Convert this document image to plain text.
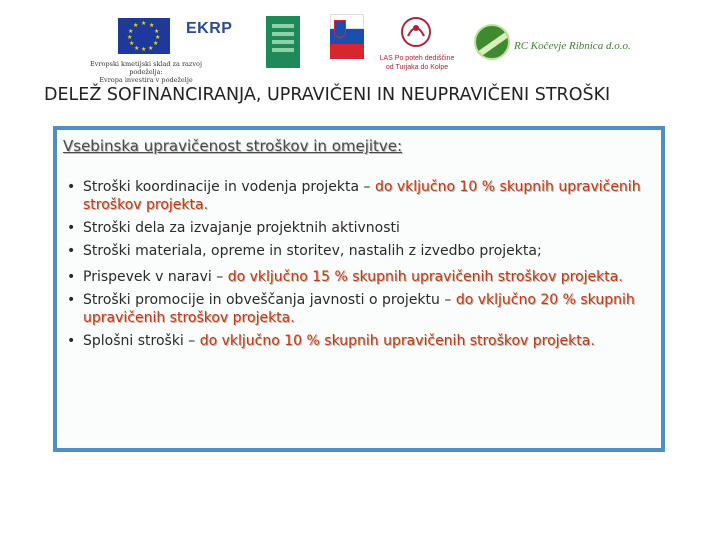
★ ★
★
★
★
★
★
★
★
★
★
★
Evropski kmetijski sklad za razvoj podeželja:
Evropa investira v podeželje
EKRP
LAS Po poteh dediščine
od Turjaka do Kolpe
RC Kočevje Ribnica d.o.o.
DELEŽ SOFINANCIRANJA, UPRAVIČENI IN NEUPRAVIČENI STROŠKI
Vsebinska upravičenost stroškov in omejitve:
• Stroški koordinacije in vodenja projekta – do vključno 10 % skupnih upravičenih stroškov projekta.
• Stroški dela za izvajanje projektnih aktivnosti
• Stroški materiala, opreme in storitev, nastalih z izvedbo projekta;
• Prispevek v naravi – do vključno 15 % skupnih upravičenih stroškov projekta.
• Stroški promocije in obveščanja javnosti o projektu – do vključno 20 % skupnih upravičenih stroškov projekta.
• Splošni stroški – do vključno 10 % skupnih upravičenih stroškov projekta.
